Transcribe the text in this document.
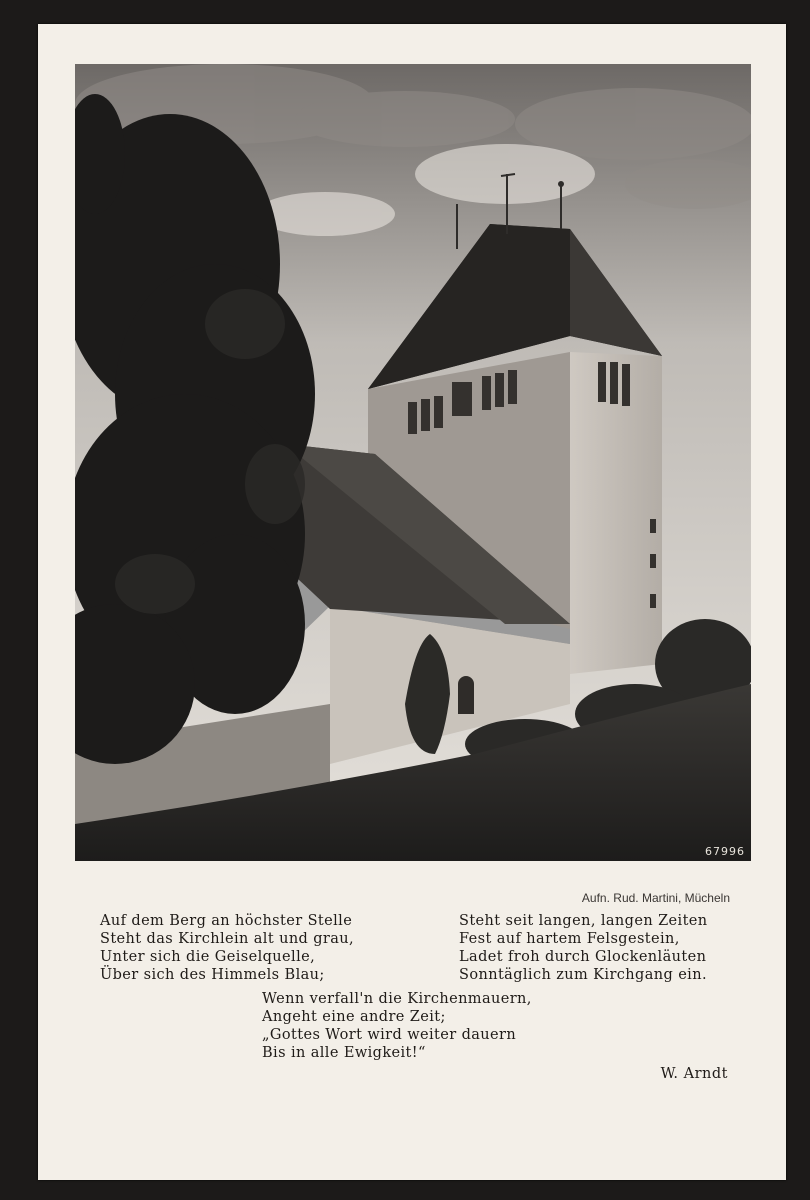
67996
Aufn. Rud. Martini, Mücheln
Auf dem Berg an höchster Stelle
Steht das Kirchlein alt und grau,
Unter sich die Geiselquelle,
Über sich des Himmels Blau;
Steht seit langen, langen Zeiten
Fest auf hartem Felsgestein,
Ladet froh durch Glockenläuten
Sonntäglich zum Kirchgang ein.
Wenn verfall'n die Kirchenmauern,
Angeht eine andre Zeit;
„Gottes Wort wird weiter dauern
Bis in alle Ewigkeit!“
W. Arndt
